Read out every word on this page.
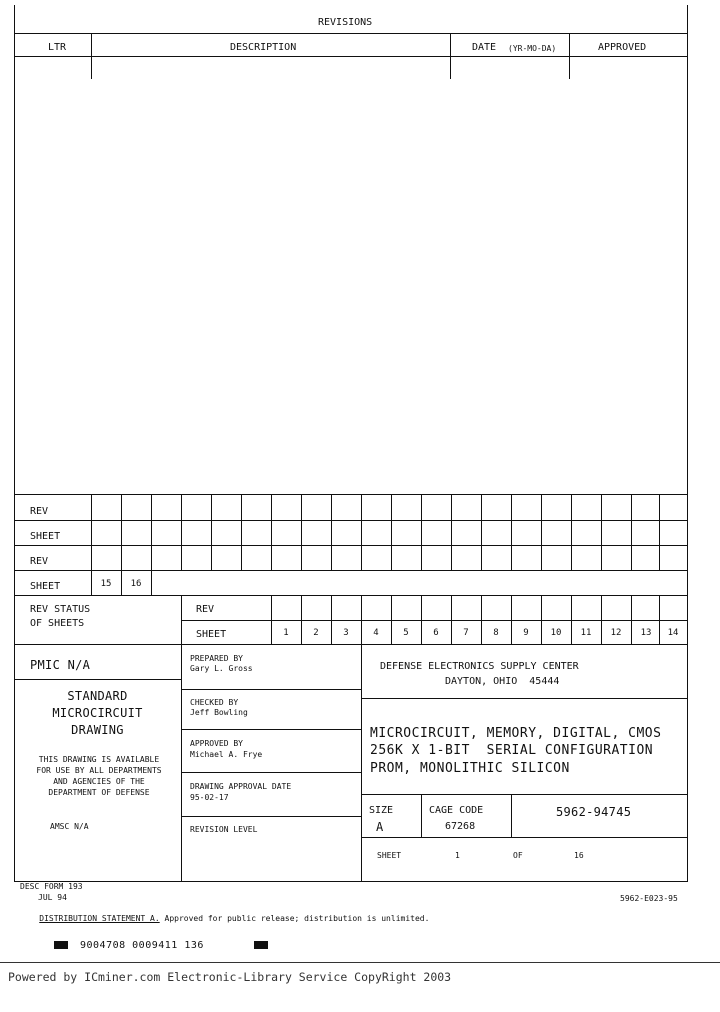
REVISIONS
LTR	DESCRIPTION	DATE (YR-MO-DA)	APPROVED
REV
SHEET
REV
SHEET	15	16
REV STATUS
OF SHEETS
REV
SHEET	1	2	3	4	5	6	7	8	9	10	11	12	13	14
PMIC N/A
STANDARD
MICROCIRCUIT
DRAWING
THIS DRAWING IS AVAILABLE
FOR USE BY ALL DEPARTMENTS
AND AGENCIES OF THE
DEPARTMENT OF DEFENSE
AMSC N/A
PREPARED BY
Gary L. Gross
CHECKED BY
Jeff Bowling
APPROVED BY
Michael A. Frye
DRAWING APPROVAL DATE
95-02-17
REVISION LEVEL
DEFENSE ELECTRONICS SUPPLY CENTER
DAYTON, OHIO  45444
MICROCIRCUIT, MEMORY, DIGITAL, CMOS
256K X 1-BIT  SERIAL CONFIGURATION
PROM, MONOLITHIC SILICON
SIZE
A
CAGE CODE
67268
5962-94745
SHEET	1	OF	16
DESC FORM 193
JUL 94	5962-E023-95

DISTRIBUTION STATEMENT A. Approved for public release; distribution is unlimited.

9004708 0009411 136
Powered by ICminer.com Electronic-Library Service CopyRight 2003
